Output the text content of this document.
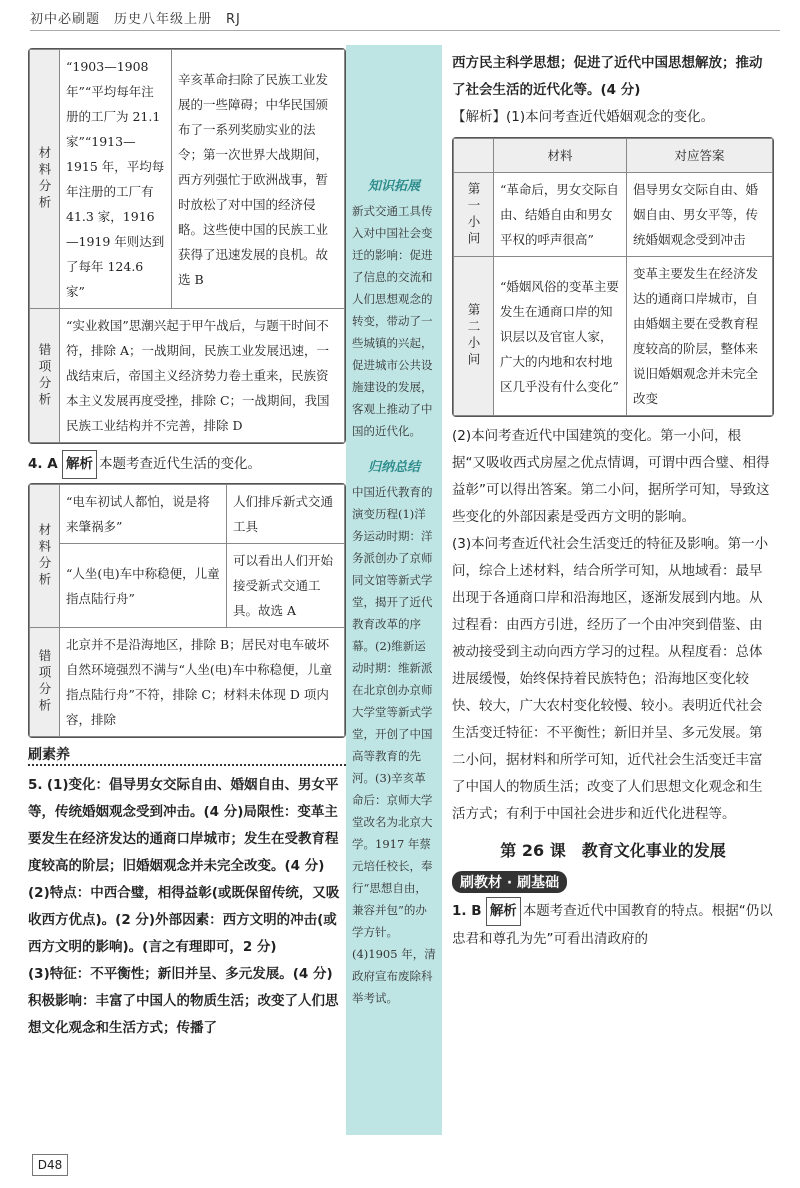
初中必刷题　历史八年级上册　RJ
材料分析	“1903—1908 年”“平均每年注册的工厂为 21.1 家”“1913—1915 年，平均每年注册的工厂有 41.3 家，1916—1919 年则达到了每年 124.6 家”	辛亥革命扫除了民族工业发展的一些障碍；中华民国颁布了一系列奖励实业的法令；第一次世界大战期间，西方列强忙于欧洲战事，暂时放松了对中国的经济侵略。这些使中国的民族工业获得了迅速发展的良机。故选 B
错项分析	“实业救国”思潮兴起于甲午战后，与题干时间不符，排除 A；一战期间，民族工业发展迅速，一战结束后，帝国主义经济势力卷土重来，民族资本主义发展再度受挫，排除 C；一战期间，我国民族工业结构并不完善，排除 D	
4. A 解析 本题考查近代生活的变化。
材料分析	“电车初试人都怕，说是将来肇祸多”	人们排斥新式交通工具
	“人坐(电)车中称稳便，儿童指点陆行舟”	可以看出人们开始接受新式交通工具。故选 A
错项分析	北京并不是沿海地区，排除 B；居民对电车破坏自然环境强烈不满与“人坐(电)车中称稳便，儿童指点陆行舟”不符，排除 C；材料未体现 D 项内容，排除	
刷素养
5. (1)变化：倡导男女交际自由、婚姻自由、男女平等，传统婚姻观念受到冲击。(4 分)局限性：变革主要发生在经济发达的通商口岸城市；发生在受教育程度较高的阶层；旧婚姻观念并未完全改变。(4 分)
(2)特点：中西合璧，相得益彰(或既保留传统，又吸收西方优点)。(2 分)外部因素：西方文明的冲击(或西方文明的影响)。(言之有理即可，2 分)
(3)特征：不平衡性；新旧并呈、多元发展。(4 分)积极影响：丰富了中国人的物质生活；改变了人们思想文化观念和生活方式；传播了
知识拓展
新式交通工具传入对中国社会变迁的影响：促进了信息的交流和人们思想观念的转变，带动了一些城镇的兴起，促进城市公共设施建设的发展，客观上推动了中国的近代化。
归纳总结
中国近代教育的演变历程(1)洋务运动时期：洋务派创办了京师同文馆等新式学堂，揭开了近代教育改革的序幕。(2)维新运动时期：维新派在北京创办京师大学堂等新式学堂，开创了中国高等教育的先河。(3)辛亥革命后：京师大学堂改名为北京大学。1917 年蔡元培任校长，奉行“思想自由，兼容并包”的办学方针。(4)1905 年，清政府宣布废除科举考试。
西方民主科学思想；促进了近代中国思想解放；推动了社会生活的近代化等。(4 分)
【解析】(1)本问考查近代婚姻观念的变化。
	材料	对应答案
第一小问	“革命后，男女交际自由、结婚自由和男女平权的呼声很高”	倡导男女交际自由、婚姻自由、男女平等，传统婚姻观念受到冲击
第二小问	“婚姻风俗的变革主要发生在通商口岸的知识层以及官宦人家，广大的内地和农村地区几乎没有什么变化”	变革主要发生在经济发达的通商口岸城市，自由婚姻主要在受教育程度较高的阶层，整体来说旧婚姻观念并未完全改变
(2)本问考查近代中国建筑的变化。第一小问，根据“又吸收西式房屋之优点情调，可谓中西合璧、相得益彰”可以得出答案。第二小问，据所学可知，导致这些变化的外部因素是受西方文明的影响。
(3)本问考查近代社会生活变迁的特征及影响。第一小问，综合上述材料，结合所学可知，从地域看：最早出现于各通商口岸和沿海地区，逐渐发展到内地。从过程看：由西方引进，经历了一个由冲突到借鉴、由被动接受到主动向西方学习的过程。从程度看：总体进展缓慢，始终保持着民族特色；沿海地区变化较快、较大，广大农村变化较慢、较小。表明近代社会生活变迁特征：不平衡性；新旧并呈、多元发展。第二小问，据材料和所学可知，近代社会生活变迁丰富了中国人的物质生活；改变了人们思想文化观念和生活方式；有利于中国社会进步和近代化进程等。
第 26 课　教育文化事业的发展
刷教材 · 刷基础
1. B 解析 本题考查近代中国教育的特点。根据“仍以忠君和尊孔为先”可看出清政府的
D48
